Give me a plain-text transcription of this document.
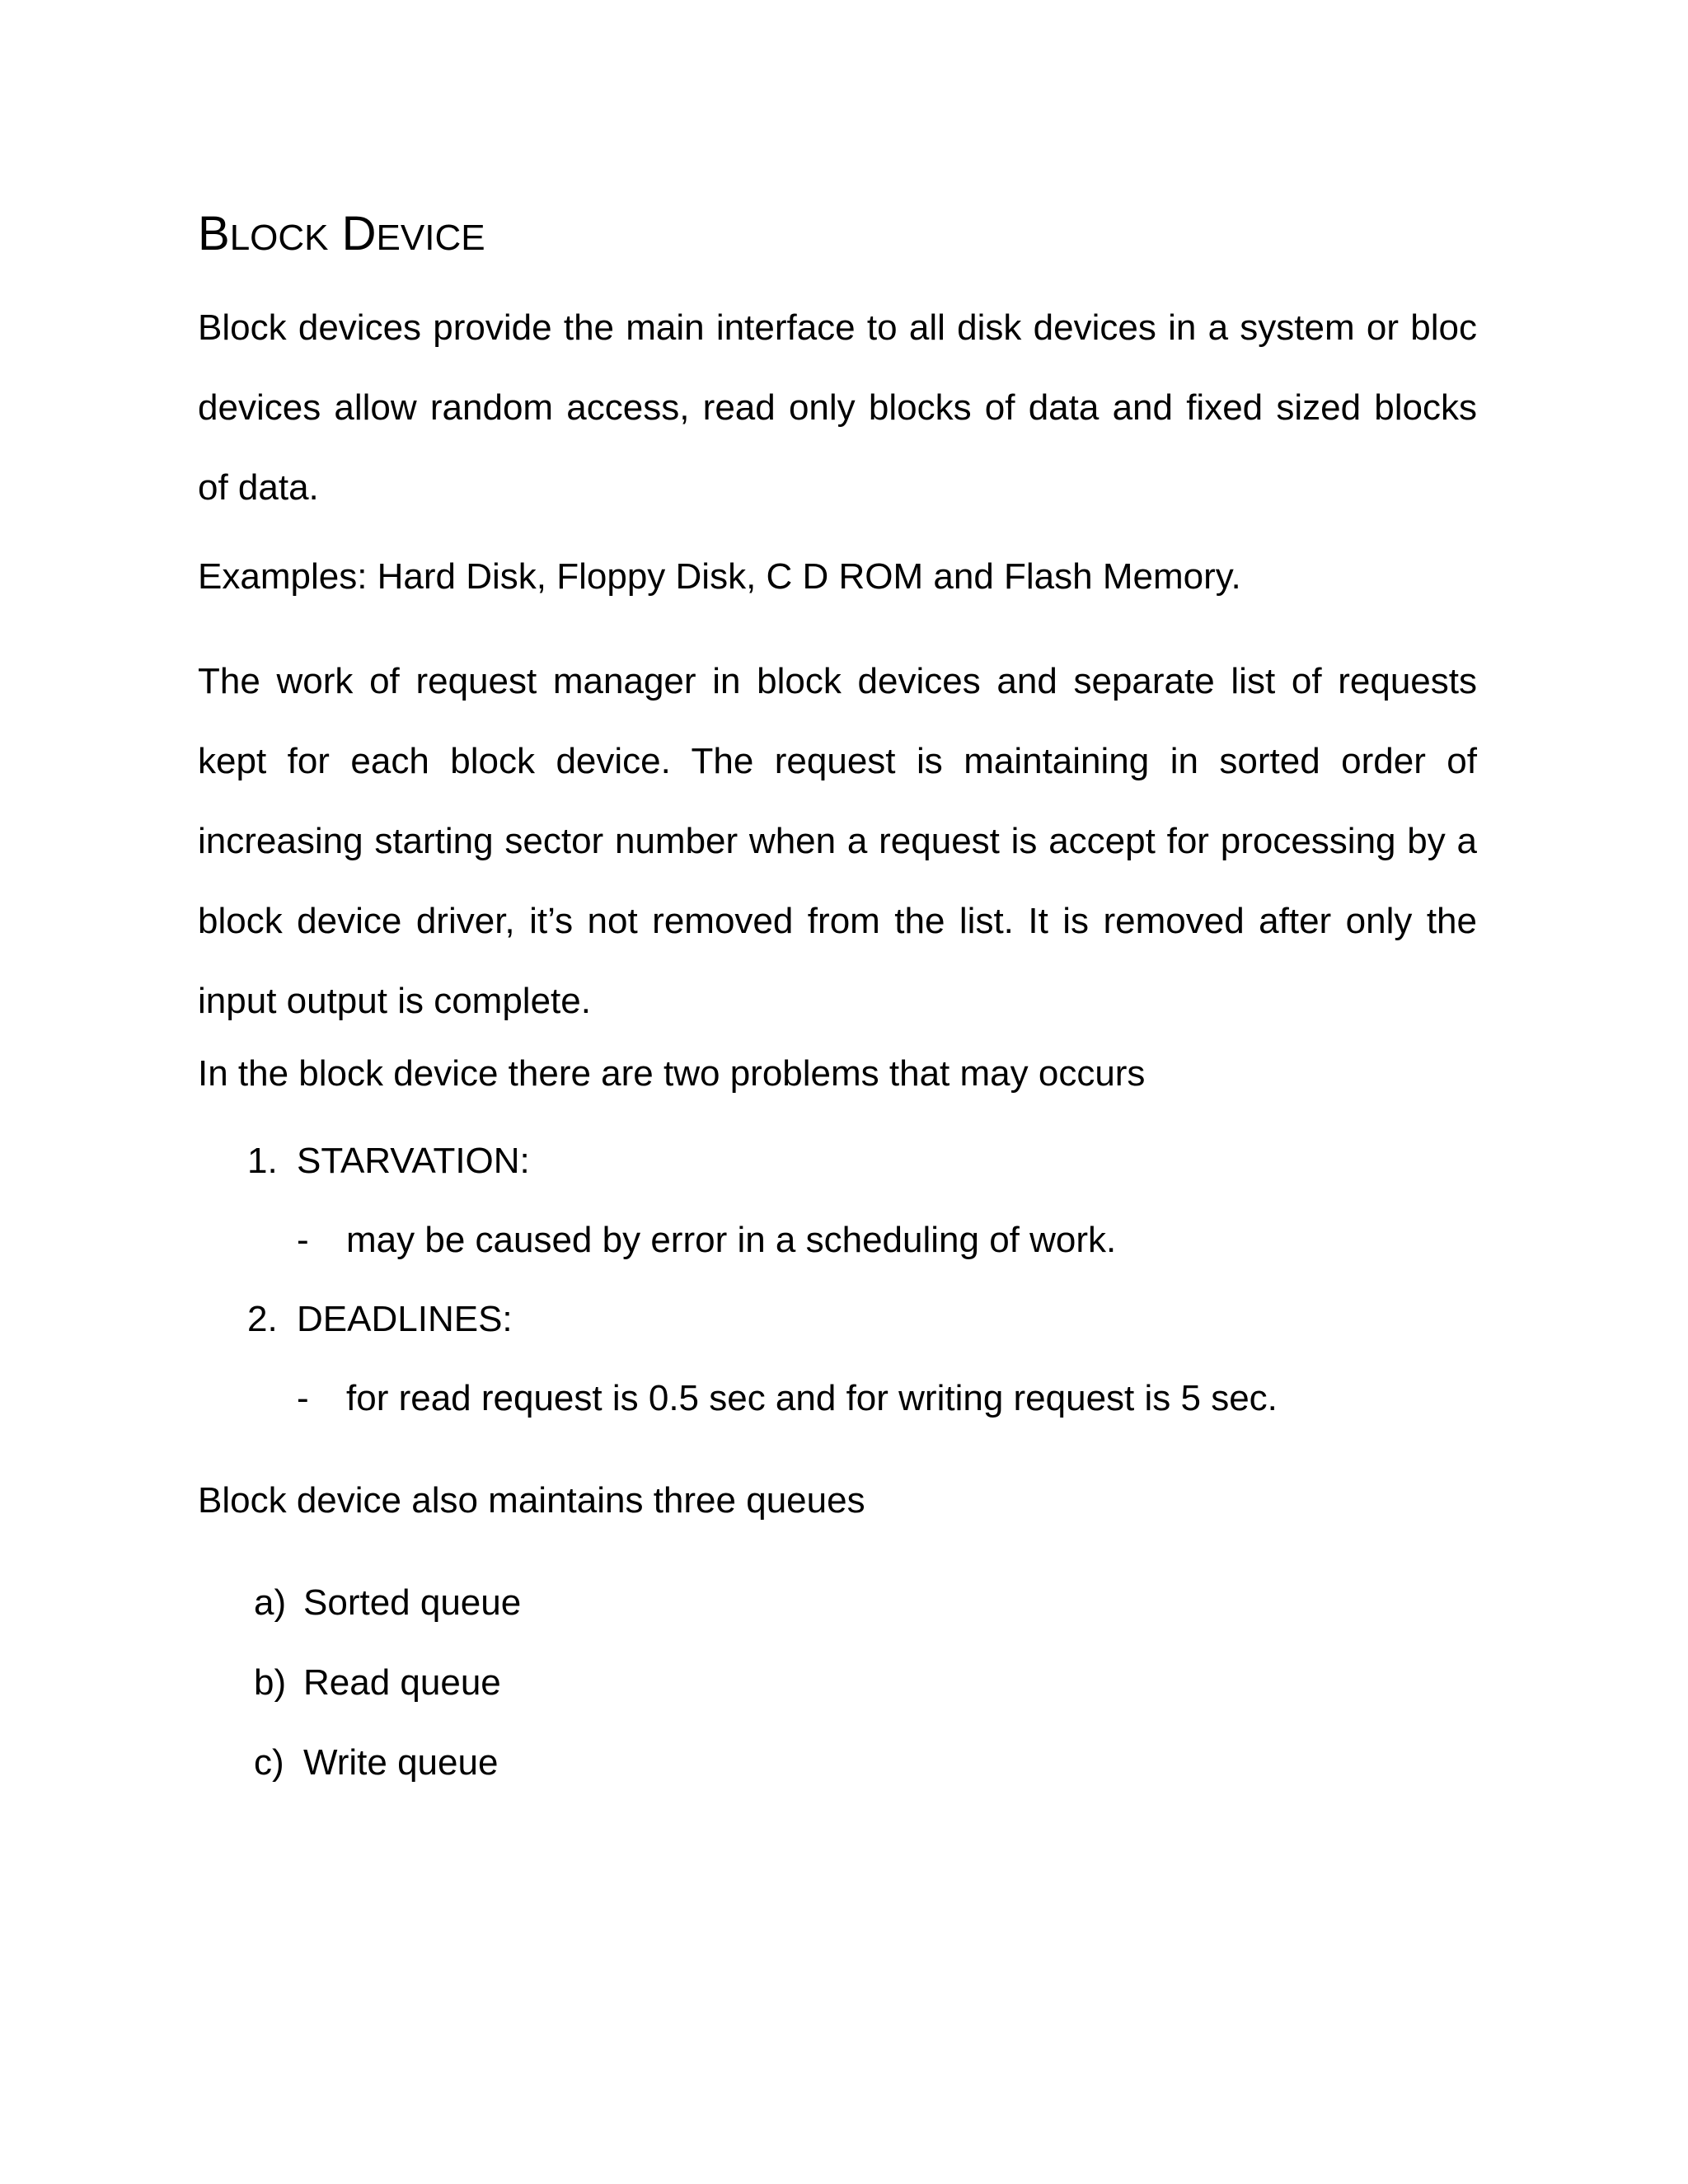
BLOCK DEVICE

Block devices provide the main interface to all disk devices in a system or bloc devices allow random access, read only blocks of data and fixed sized blocks of data.

Examples: Hard Disk, Floppy Disk, C D ROM and Flash Memory.

The work of request manager in block devices and separate list of requests kept for each block device. The request is maintaining in sorted order of increasing starting sector number when a request is accept for processing by a block device driver, it’s not removed from the list. It is removed after only the input output is complete.

In the block device there are two problems that may occurs

1. STARVATION:
- may be caused by error in a scheduling of work.
2. DEADLINES:
- for read request is 0.5 sec and for writing request is 5 sec.

Block device also maintains three queues

a) Sorted queue
b) Read queue
c) Write queue
